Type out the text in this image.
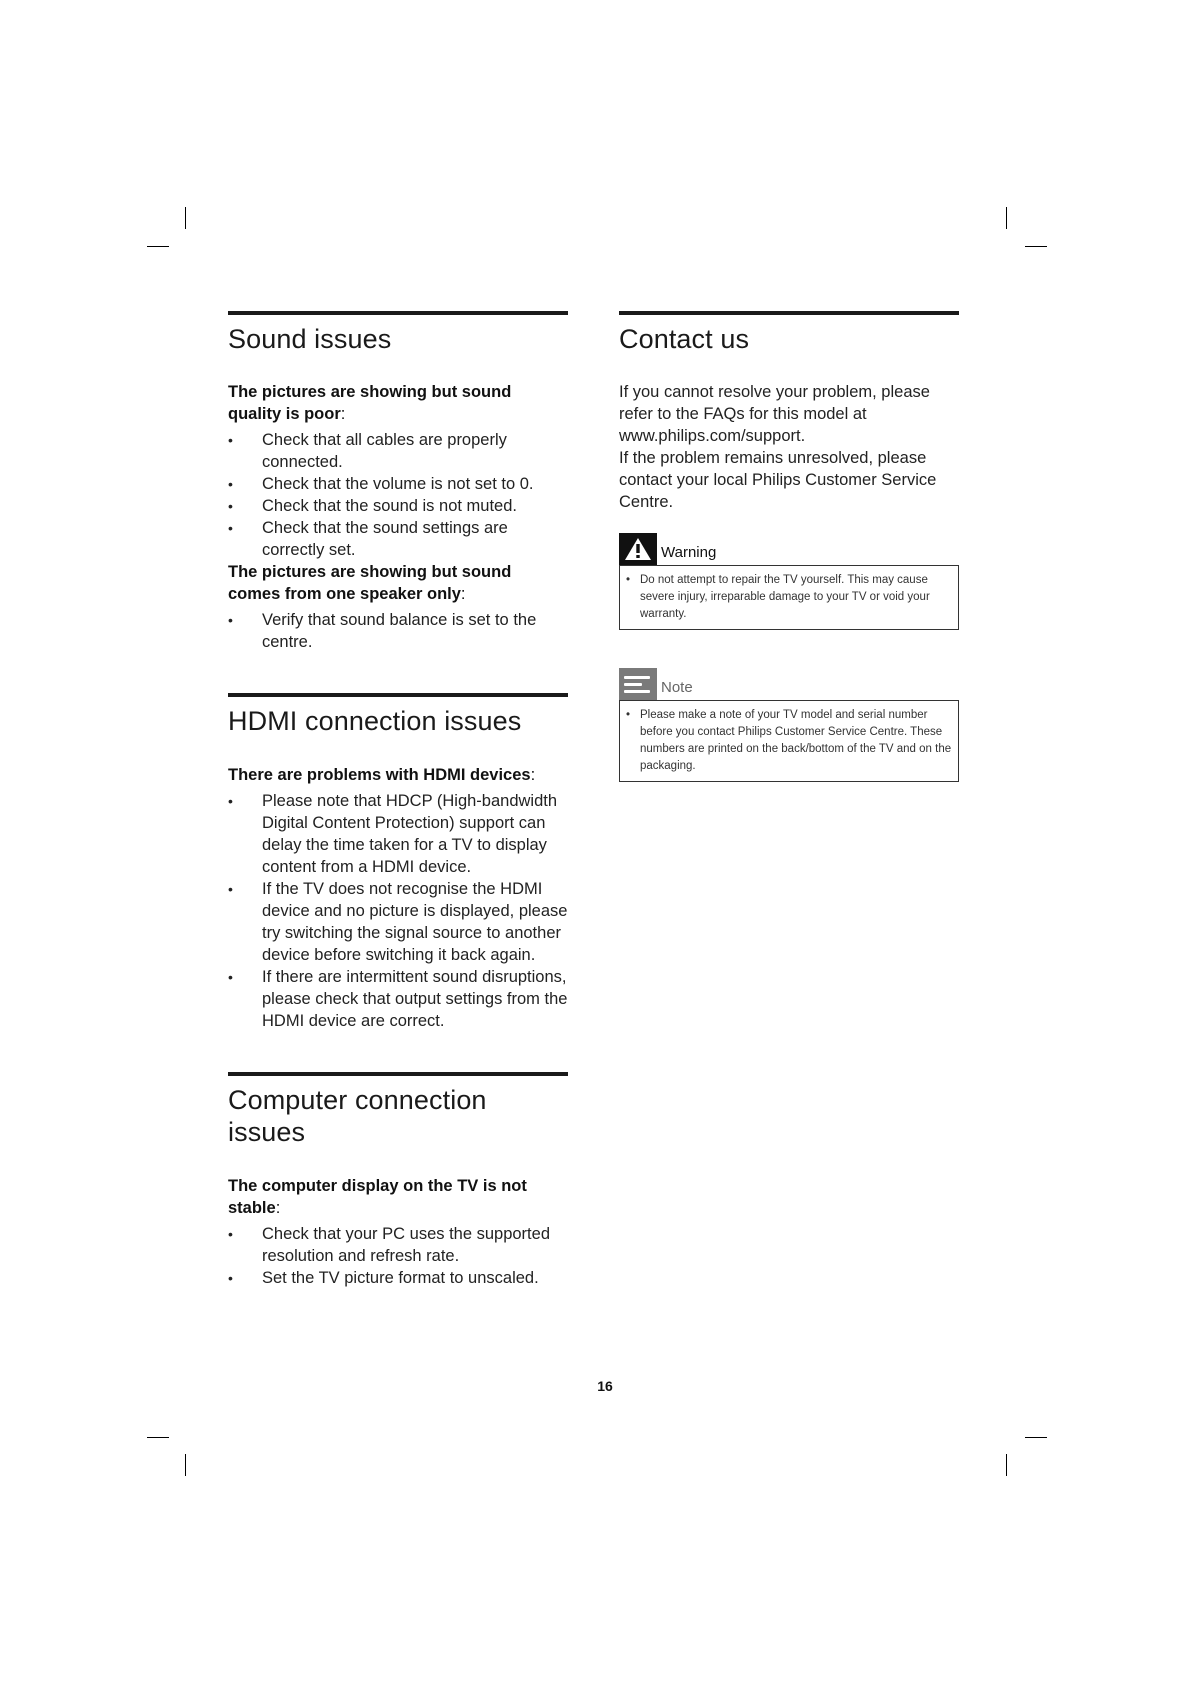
Sound issues

The pictures are showing but sound quality is poor:

• Check that all cables are properly connected.
• Check that the volume is not set to 0.
• Check that the sound is not muted.
• Check that the sound settings are correctly set.

The pictures are showing but sound comes from one speaker only:

• Verify that sound balance is set to the centre.
HDMI connection issues

There are problems with HDMI devices:

• Please note that HDCP (High-bandwidth Digital Content Protection) support can delay the time taken for a TV to display content from a HDMI device.
• If the TV does not recognise the HDMI device and no picture is displayed, please try switching the signal source to another device before switching it back again.
• If there are intermittent sound disruptions, please check that output settings from the HDMI device are correct.
Computer connection issues

The computer display on the TV is not stable:

• Check that your PC uses the supported resolution and refresh rate.
• Set the TV picture format to unscaled.
Contact us

If you cannot resolve your problem, please refer to the FAQs for this model at www.philips.com/support.

If the problem remains unresolved, please contact your local Philips Customer Service Centre.

Warning

• Do not attempt to repair the TV yourself. This may cause severe injury, irreparable damage to your TV or void your warranty.

Note

• Please make a note of your TV model and serial number before you contact Philips Customer Service Centre. These numbers are printed on the back/bottom of the TV and on the packaging.

16
